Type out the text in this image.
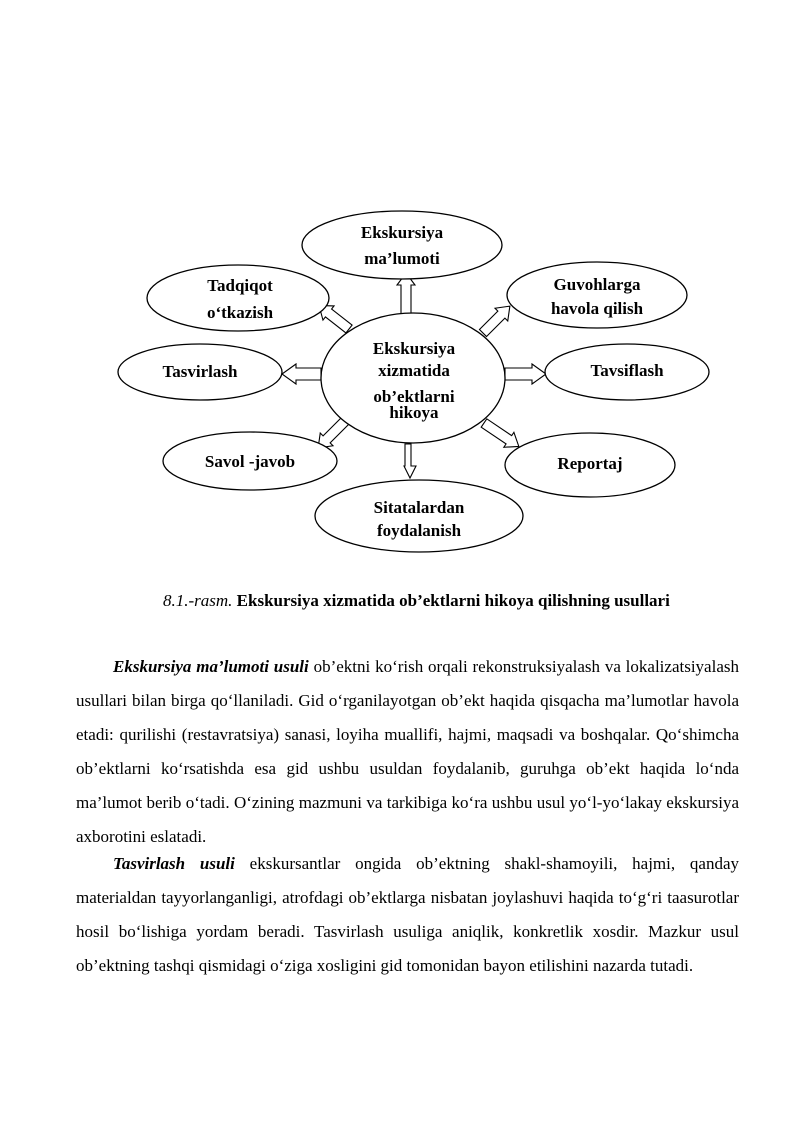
Ekskursiya
ma’lumoti
Tadqiqot
o‘tkazish
Guvohlarga
havola qilish
Tasvirlash	Tavsiflash
Savol -javob	Reportaj
Sitatalardan
foydalanish
Ekskursiya
xizmatida
ob’ektlarni
hikoya
8.1.-rasm. Ekskursiya xizmatida ob’ektlarni hikoya qilishning usullari

Ekskursiya ma’lumoti usuli ob’ektni ko‘rish orqali rekonstruksiyalash va lokalizatsiyalash usullari bilan birga qo‘llaniladi. Gid o‘rganilayotgan ob’ekt haqida qisqacha ma’lumotlar havola etadi: qurilishi (restavratsiya) sanasi, loyiha muallifi, hajmi, maqsadi va boshqalar. Qo‘shimcha ob’ektlarni ko‘rsatishda esa gid ushbu usuldan foydalanib, guruhga ob’ekt haqida lo‘nda ma’lumot berib o‘tadi. O‘zining mazmuni va tarkibiga ko‘ra ushbu usul yo‘l-yo‘lakay ekskursiya axborotini eslatadi.

Tasvirlash usuli ekskursantlar ongida ob’ektning shakl-shamoyili, hajmi, qanday materialdan tayyorlanganligi, atrofdagi ob’ektlarga nisbatan joylashuvi haqida to‘g‘ri taasurotlar hosil bo‘lishiga yordam beradi. Tasvirlash usuliga aniqlik, konkretlik xosdir. Mazkur usul ob’ektning tashqi qismidagi o‘ziga xosligini gid tomonidan bayon etilishini nazarda tutadi.
